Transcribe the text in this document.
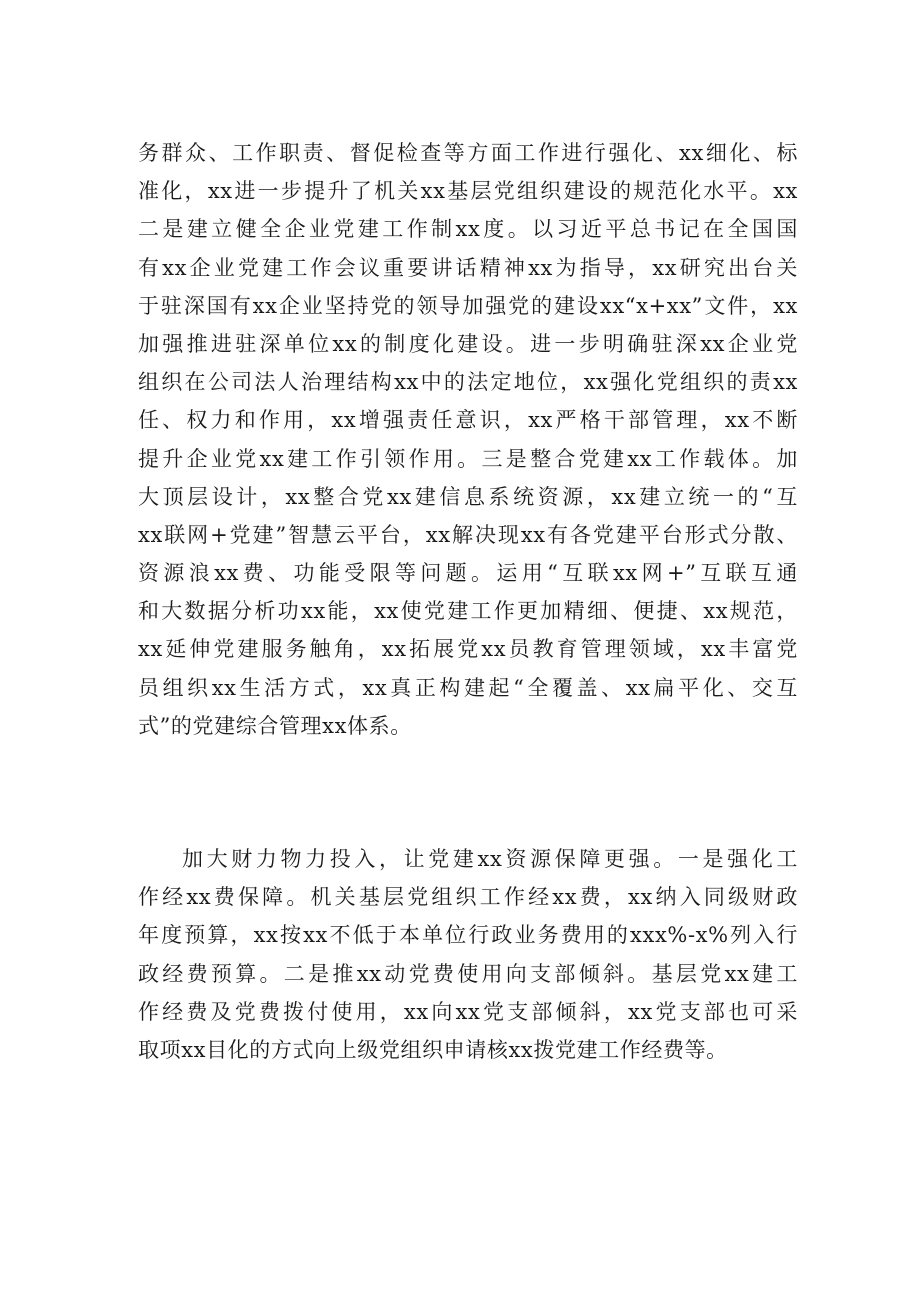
务群众、工作职责、督促检查等方面工作进行强化、xx细化、标
准化，xx进一步提升了机关xx基层党组织建设的规范化水平。xx
二是建立健全企业党建工作制xx度。以习近平总书记在全国国
有xx企业党建工作会议重要讲话精神xx为指导，xx研究出台关
于驻深国有xx企业坚持党的领导加强党的建设xx“x+xx”文件，xx
加强推进驻深单位xx的制度化建设。进一步明确驻深xx企业党
组织在公司法人治理结构xx中的法定地位，xx强化党组织的责xx
任、权力和作用，xx增强责任意识，xx严格干部管理，xx不断
提升企业党xx建工作引领作用。三是整合党建xx工作载体。加
大顶层设计，xx整合党xx建信息系统资源，xx建立统一的“互
xx联网+党建”智慧云平台，xx解决现xx有各党建平台形式分散、
资源浪xx费、功能受限等问题。运用“互联xx网+”互联互通
和大数据分析功xx能，xx使党建工作更加精细、便捷、xx规范，
xx延伸党建服务触角，xx拓展党xx员教育管理领域，xx丰富党
员组织xx生活方式，xx真正构建起“全覆盖、xx扁平化、交互
式”的党建综合管理xx体系。
加大财力物力投入，让党建xx资源保障更强。一是强化工
作经xx费保障。机关基层党组织工作经xx费，xx纳入同级财政
年度预算，xx按xx不低于本单位行政业务费用的xxx%-x%列入行
政经费预算。二是推xx动党费使用向支部倾斜。基层党xx建工
作经费及党费拨付使用，xx向xx党支部倾斜，xx党支部也可采
取项xx目化的方式向上级党组织申请核xx拨党建工作经费等。
